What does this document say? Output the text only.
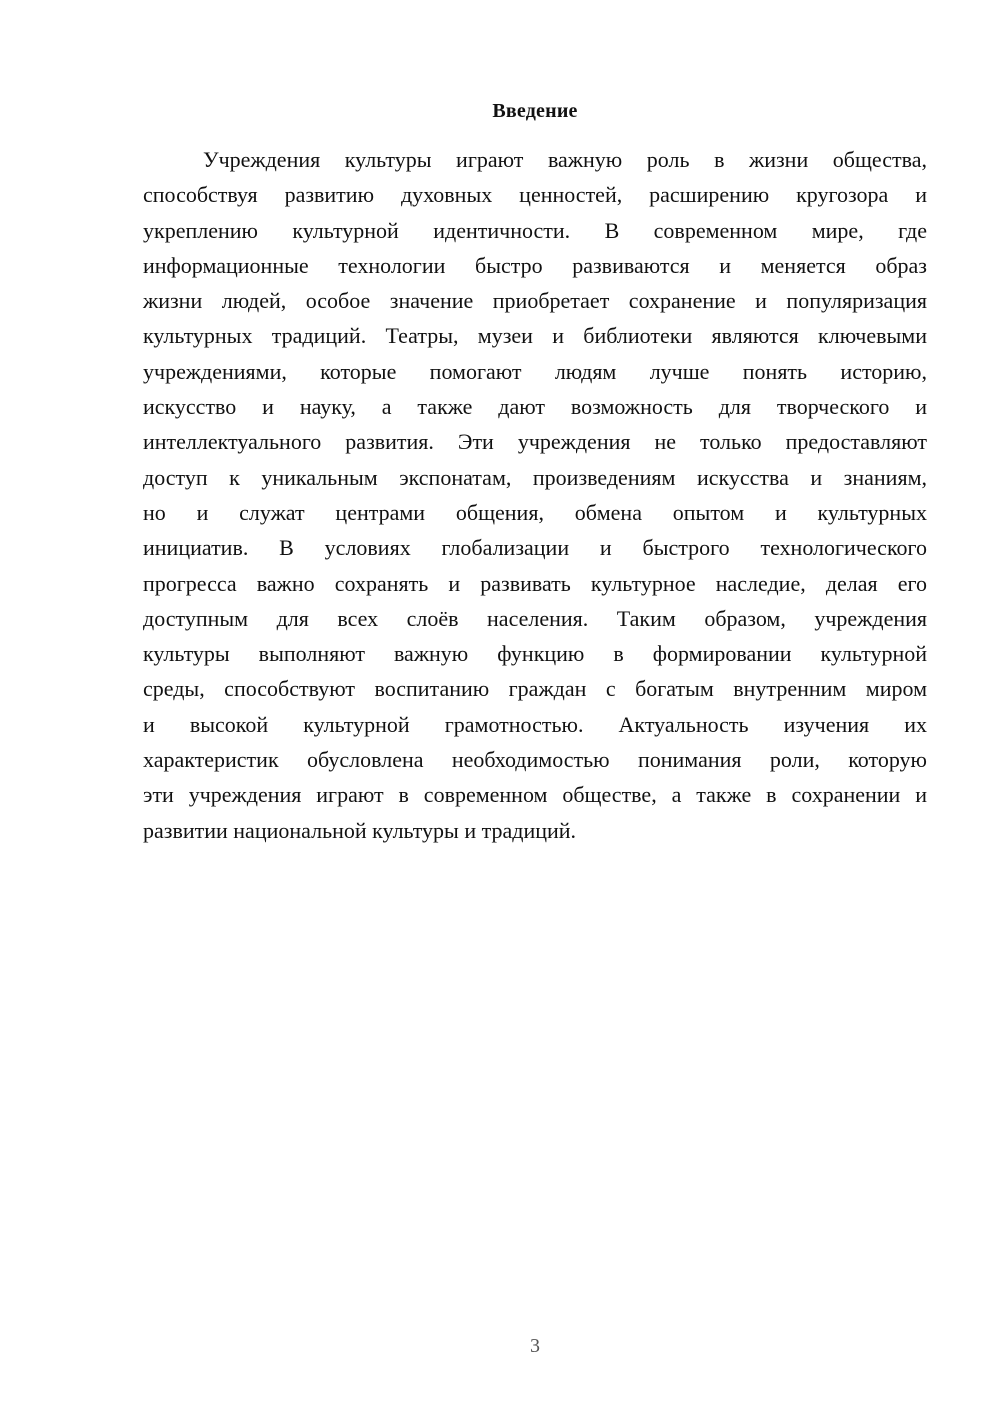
Введение
Учреждения культуры играют важную роль в жизни общества,
способствуя развитию духовных ценностей, расширению кругозора и
укреплению культурной идентичности. В современном мире, где
информационные технологии быстро развиваются и меняется образ
жизни людей, особое значение приобретает сохранение и популяризация
культурных традиций. Театры, музеи и библиотеки являются ключевыми
учреждениями, которые помогают людям лучше понять историю,
искусство и науку, а также дают возможность для творческого и
интеллектуального развития. Эти учреждения не только предоставляют
доступ к уникальным экспонатам, произведениям искусства и знаниям,
но и служат центрами общения, обмена опытом и культурных
инициатив. В условиях глобализации и быстрого технологического
прогресса важно сохранять и развивать культурное наследие, делая его
доступным для всех слоёв населения. Таким образом, учреждения
культуры выполняют важную функцию в формировании культурной
среды, способствуют воспитанию граждан с богатым внутренним миром
и высокой культурной грамотностью. Актуальность изучения их
характеристик обусловлена необходимостью понимания роли, которую
эти учреждения играют в современном обществе, а также в сохранении и
развитии национальной культуры и традиций.
3
